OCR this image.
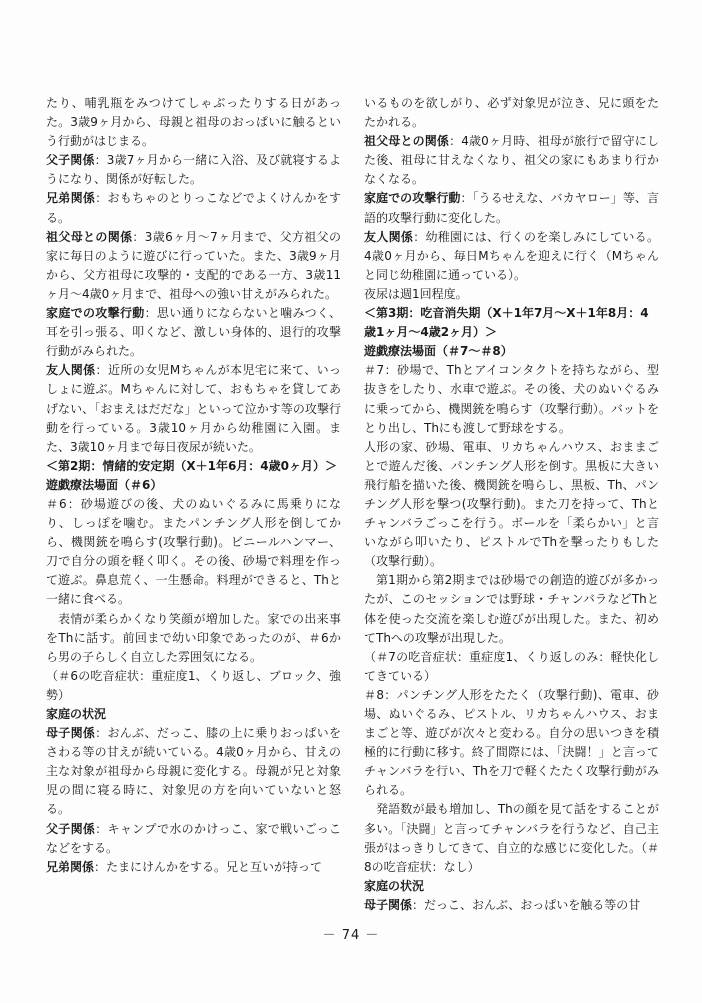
たり、哺乳瓶をみつけてしゃぶったりする日があった。3歳9ヶ月から、母親と祖母のおっぱいに触るという行動がはじまる。

父子関係：3歳7ヶ月から一緒に入浴、及び就寝するようになり、関係が好転した。

兄弟関係：おもちゃのとりっこなどでよくけんかをする。

祖父母との関係：3歳6ヶ月～7ヶ月まで、父方祖父の家に毎日のように遊びに行っていた。また、3歳9ヶ月から、父方祖母に攻撃的・支配的である一方、3歳11ヶ月～4歳0ヶ月まで、祖母への強い甘えがみられた。

家庭での攻撃行動：思い通りにならないと噛みつく、耳を引っ張る、叩くなど、激しい身体的、退行的攻撃行動がみられた。

友人関係：近所の女児Mちゃんが本児宅に来て、いっしょに遊ぶ。Mちゃんに対して、おもちゃを貸してあげない、「おまえはだだな」といって泣かす等の攻撃行動を行っている。3歳10ヶ月から幼稚園に入園。また、3歳10ヶ月まで毎日夜尿が続いた。

＜第2期：情緒的安定期（X＋1年6月：4歳0ヶ月）＞

遊戯療法場面（＃6）

＃6：砂場遊びの後、犬のぬいぐるみに馬乗りになり、しっぽを噛む。またパンチング人形を倒してから、機関銃を鳴らす(攻撃行動)。ビニールハンマー、刀で自分の頭を軽く叩く。その後、砂場で料理を作って遊ぶ。鼻息荒く、一生懸命。料理ができると、Thと一緒に食べる。

表情が柔らかくなり笑顔が増加した。家での出来事をThに話す。前回まで幼い印象であったのが、＃6から男の子らしく自立した雰囲気になる。

（＃6の吃音症状：重症度1、くり返し、ブロック、強勢）

家庭の状況

母子関係：おんぶ、だっこ、膝の上に乗りおっぱいをさわる等の甘えが続いている。4歳0ヶ月から、甘えの主な対象が祖母から母親に変化する。母親が兄と対象児の間に寝る時に、対象児の方を向いていないと怒る。

父子関係：キャンプで水のかけっこ、家で戦いごっこなどをする。

兄弟関係：たまにけんかをする。兄と互いが持って

いるものを欲しがり、必ず対象児が泣き、兄に頭をたたかれる。

祖父母との関係：4歳0ヶ月時、祖母が旅行で留守にした後、祖母に甘えなくなり、祖父の家にもあまり行かなくなる。

家庭での攻撃行動：「うるせえな、バカヤロー」等、言語的攻撃行動に変化した。

友人関係：幼稚園には、行くのを楽しみにしている。4歳0ヶ月から、毎日Mちゃんを迎えに行く（Mちゃんと同じ幼稚園に通っている）。

夜尿は週1回程度。

＜第3期：吃音消失期（X＋1年7月～X＋1年8月：4歳1ヶ月～4歳2ヶ月）＞

遊戯療法場面（＃7～＃8）

＃7：砂場で、Thとアイコンタクトを持ちながら、型抜きをしたり、水車で遊ぶ。その後、犬のぬいぐるみに乗ってから、機関銃を鳴らす（攻撃行動）。バットをとり出し、Thにも渡して野球をする。

人形の家、砂場、電車、リカちゃんハウス、おままごとで遊んだ後、パンチング人形を倒す。黒板に大きい飛行船を描いた後、機関銃を鳴らし、黒板、Th、パンチング人形を撃つ(攻撃行動)。また刀を持って、Thとチャンバラごっこを行う。ボールを「柔らかい」と言いながら叩いたり、ピストルでThを撃ったりもした（攻撃行動）。

第1期から第2期までは砂場での創造的遊びが多かったが、このセッションでは野球・チャンバラなどThと体を使った交流を楽しむ遊びが出現した。また、初めてThへの攻撃が出現した。

（＃7の吃音症状：重症度1、くり返しのみ：軽快化してきている）

＃8：パンチング人形をたたく（攻撃行動)、電車、砂場、ぬいぐるみ、ピストル、リカちゃんハウス、おままごと等、遊びが次々と変わる。自分の思いつきを積極的に行動に移す。終了間際には、「決闘！」と言ってチャンバラを行い、Thを刀で軽くたたく攻撃行動がみられる。

発語数が最も増加し、Thの顔を見て話をすることが多い。「決闘」と言ってチャンバラを行うなど、自己主張がはっきりしてきて、自立的な感じに変化した。（＃8の吃音症状：なし）

家庭の状況

母子関係：だっこ、おんぶ、おっぱいを触る等の甘

－ 74 －
